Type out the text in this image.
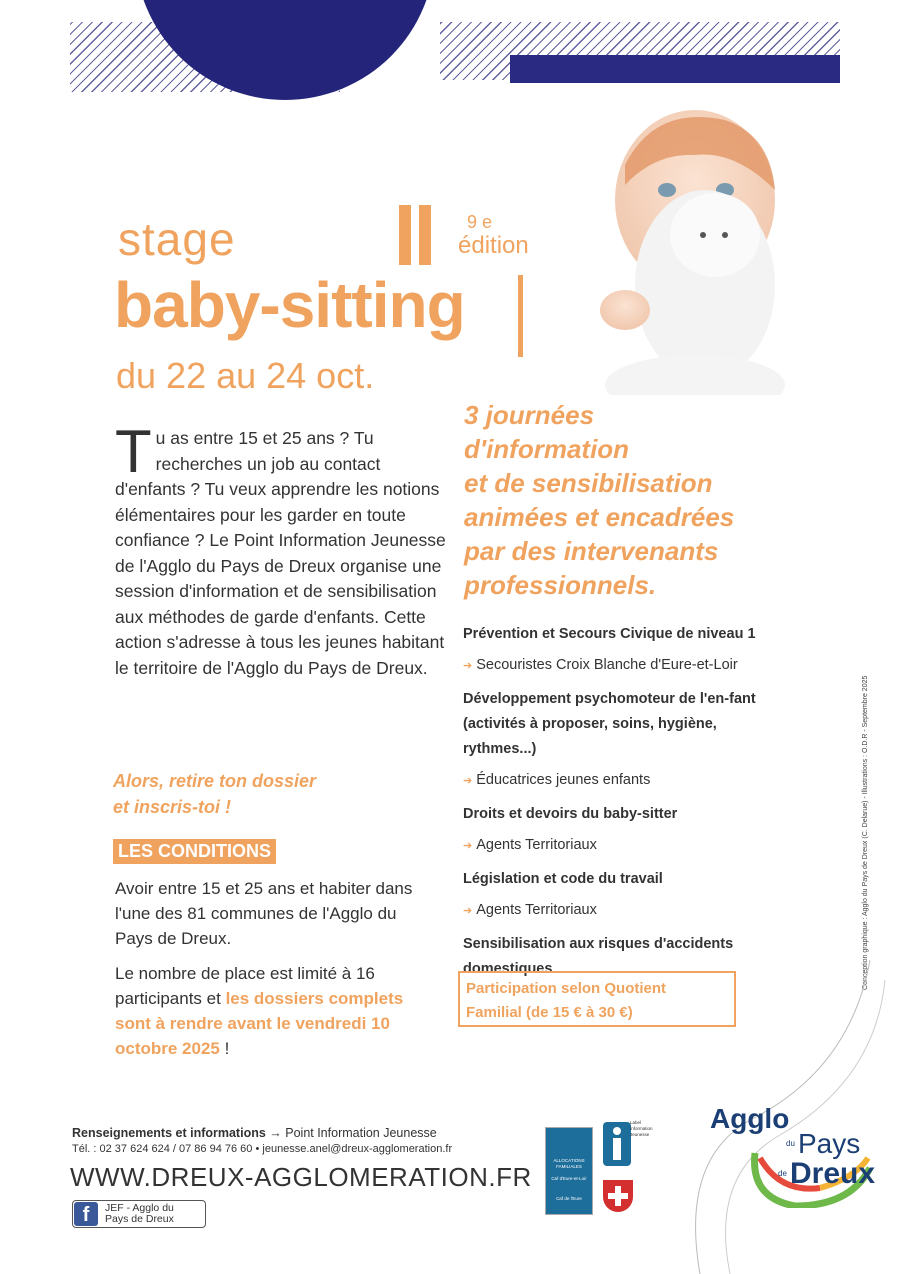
stage	9 e
édition
baby-sitting
du 22 au 24 oct.
Tu as entre 15 et 25 ans ? Tu recherches un job au contact d'enfants ? Tu veux apprendre les notions élémentaires pour les garder en toute confiance ? Le Point Information Jeunesse de l'Agglo du Pays de Dreux organise une session d'information et de sensibilisation aux méthodes de garde d'enfants. Cette action s'adresse à tous les jeunes habitant le territoire de l'Agglo du Pays de Dreux.
Alors, retire ton dossier
et inscris-toi !
LES CONDITIONS
Avoir entre 15 et 25 ans et habiter dans l'une des 81 communes de l'Agglo du Pays de Dreux.
Le nombre de place est limité à 16 participants et les dossiers complets sont à rendre avant le vendredi 10 octobre 2025 !
3 journées
d'information
et de sensibilisation
animées et encadrées
par des intervenants
professionnels.
Prévention et Secours Civique de niveau 1
➔ Secouristes Croix Blanche d'Eure-et-Loir
Développement psychomoteur de l'en-fant (activités à proposer, soins, hygiène, rythmes...)
➔ Éducatrices jeunes enfants
Droits et devoirs du baby-sitter
➔ Agents Territoriaux
Législation et code du travail
➔ Agents Territoriaux
Sensibilisation aux risques d'accidents domestiques
Participation selon Quotient
Familial (de 15 € à 30 €)
Conception graphique : Agglo du Pays de Dreux (C. Delarue) - Illustrations : O.D.R - Septembre 2025
Renseignements et informations → Point Information Jeunesse
Tél. : 02 37 624 624 / 07 86 94 76 60 • jeunesse.anel@dreux-agglomeration.fr
WWW.DREUX-AGGLOMERATION.FR
f	JEF - Agglo du
Pays de Dreux
ALLOCATIONS FAMILIALES
Caf d'Eure-et-Loir
Caf de l'Eure
Label Information Jeunesse
Agglo
du Pays
de Dreux
